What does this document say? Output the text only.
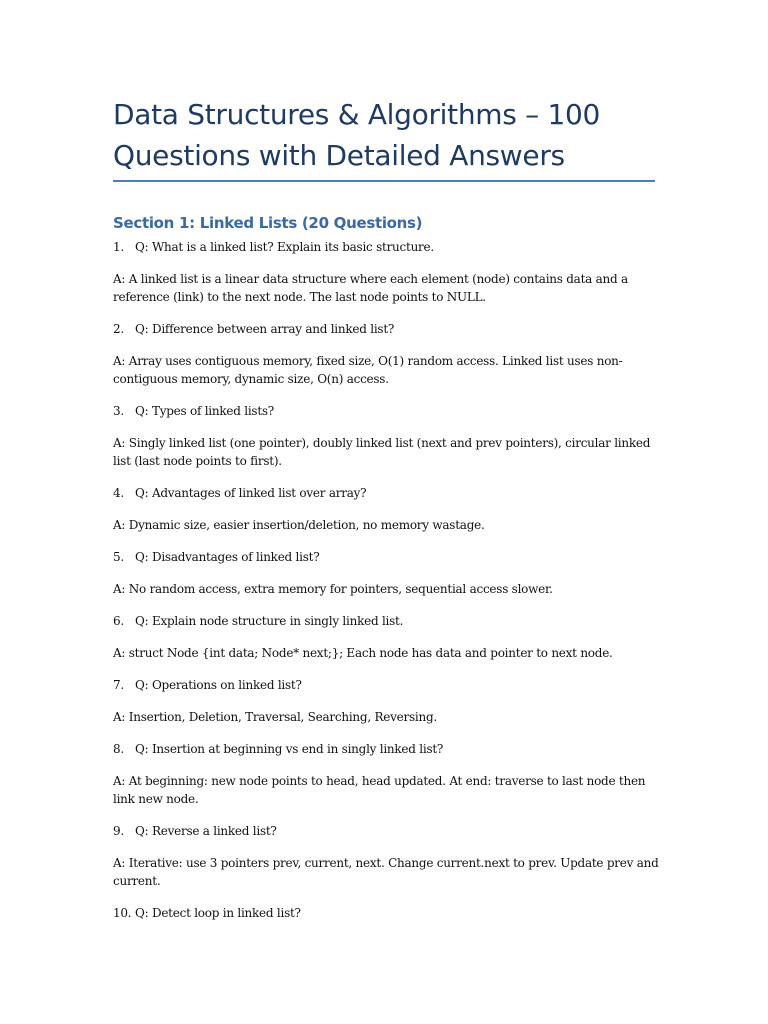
Data Structures & Algorithms – 100 Questions with Detailed Answers
Section 1: Linked Lists (20 Questions)
1. Q: What is a linked list? Explain its basic structure.

A: A linked list is a linear data structure where each element (node) contains data and a reference (link) to the next node. The last node points to NULL.

2. Q: Difference between array and linked list?

A: Array uses contiguous memory, fixed size, O(1) random access. Linked list uses non-contiguous memory, dynamic size, O(n) access.

3. Q: Types of linked lists?

A: Singly linked list (one pointer), doubly linked list (next and prev pointers), circular linked list (last node points to first).

4. Q: Advantages of linked list over array?

A: Dynamic size, easier insertion/deletion, no memory wastage.

5. Q: Disadvantages of linked list?

A: No random access, extra memory for pointers, sequential access slower.

6. Q: Explain node structure in singly linked list.

A: struct Node {int data; Node* next;}; Each node has data and pointer to next node.

7. Q: Operations on linked list?

A: Insertion, Deletion, Traversal, Searching, Reversing.

8. Q: Insertion at beginning vs end in singly linked list?

A: At beginning: new node points to head, head updated. At end: traverse to last node then link new node.

9. Q: Reverse a linked list?

A: Iterative: use 3 pointers prev, current, next. Change current.next to prev. Update prev and current.

10. Q: Detect loop in linked list?
